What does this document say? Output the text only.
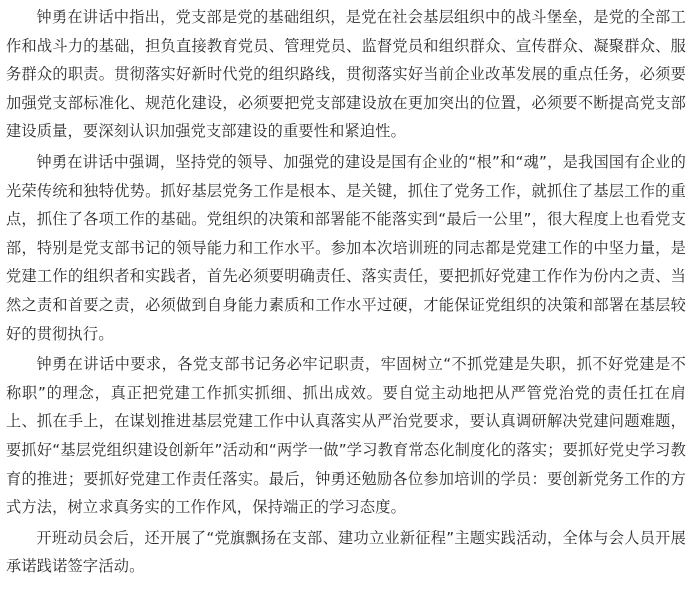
钟勇在讲话中指出，党支部是党的基础组织，是党在社会基层组织中的战斗堡垒，是党的全部工作和战斗力的基础，担负直接教育党员、管理党员、监督党员和组织群众、宣传群众、凝聚群众、服务群众的职责。贯彻落实好新时代党的组织路线，贯彻落实好当前企业改革发展的重点任务，必须要加强党支部标准化、规范化建设，必须要把党支部建设放在更加突出的位置，必须要不断提高党支部建设质量，要深刻认识加强党支部建设的重要性和紧迫性。

钟勇在讲话中强调，坚持党的领导、加强党的建设是国有企业的“根”和“魂”，是我国国有企业的光荣传统和独特优势。抓好基层党务工作是根本、是关键，抓住了党务工作，就抓住了基层工作的重点，抓住了各项工作的基础。党组织的决策和部署能不能落实到“最后一公里”，很大程度上也看党支部，特别是党支部书记的领导能力和工作水平。参加本次培训班的同志都是党建工作的中坚力量，是党建工作的组织者和实践者，首先必须要明确责任、落实责任，要把抓好党建工作作为份内之责、当然之责和首要之责，必须做到自身能力素质和工作水平过硬，才能保证党组织的决策和部署在基层较好的贯彻执行。

钟勇在讲话中要求，各党支部书记务必牢记职责，牢固树立“不抓党建是失职，抓不好党建是不称职”的理念，真正把党建工作抓实抓细、抓出成效。要自觉主动地把从严管党治党的责任扛在肩上、抓在手上，在谋划推进基层党建工作中认真落实从严治党要求，要认真调研解决党建问题难题，要抓好“基层党组织建设创新年”活动和“两学一做”学习教育常态化制度化的落实；要抓好党史学习教育的推进；要抓好党建工作责任落实。最后，钟勇还勉励各位参加培训的学员：要创新党务工作的方式方法，树立求真务实的工作作风，保持端正的学习态度。

开班动员会后，还开展了“党旗飘扬在支部、建功立业新征程”主题实践活动，全体与会人员开展承诺践诺签字活动。
